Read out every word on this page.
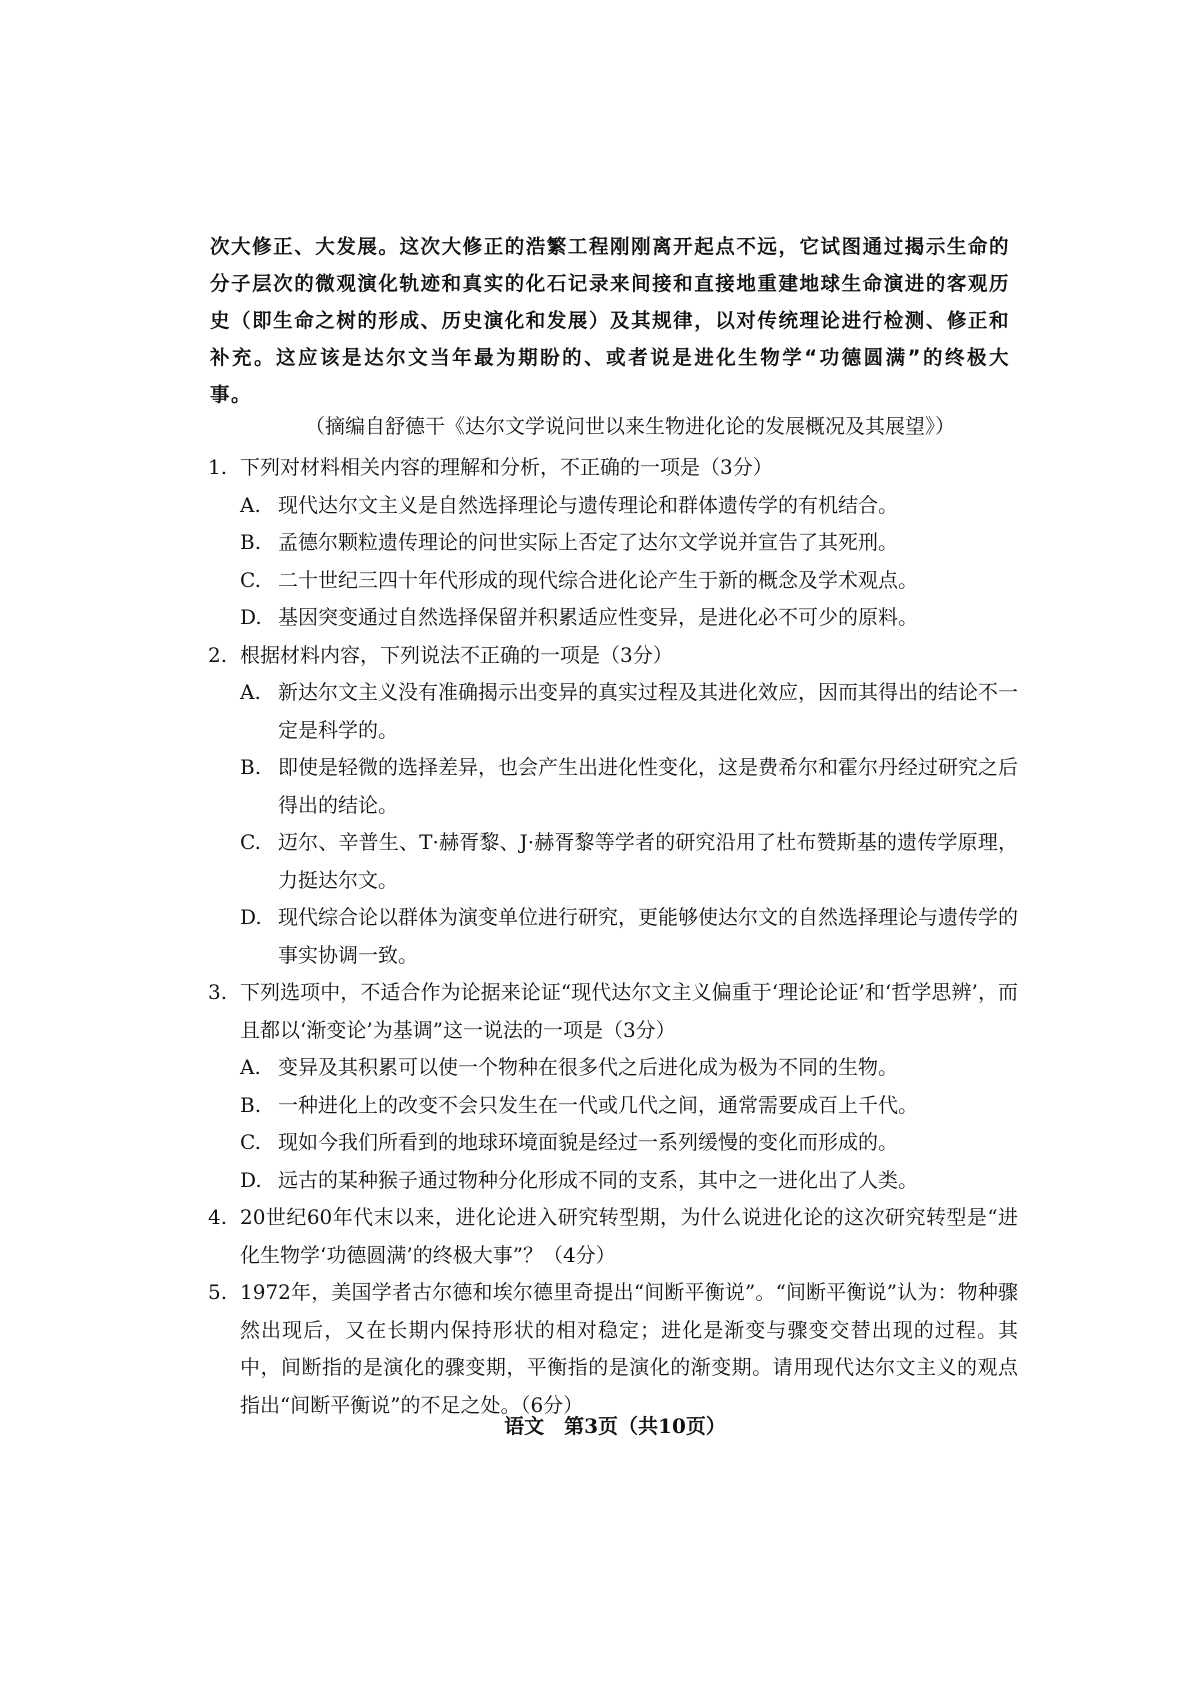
次大修正、大发展。这次大修正的浩繁工程刚刚离开起点不远，它试图通过揭示生命的分子层次的微观演化轨迹和真实的化石记录来间接和直接地重建地球生命演进的客观历史（即生命之树的形成、历史演化和发展）及其规律，以对传统理论进行检测、修正和补充。这应该是达尔文当年最为期盼的、或者说是进化生物学“功德圆满”的终极大事。

（摘编自舒德干《达尔文学说问世以来生物进化论的发展概况及其展望》）
1. 下列对材料相关内容的理解和分析，不正确的一项是（3分）
A. 现代达尔文主义是自然选择理论与遗传理论和群体遗传学的有机结合。
B. 孟德尔颗粒遗传理论的问世实际上否定了达尔文学说并宣告了其死刑。
C. 二十世纪三四十年代形成的现代综合进化论产生于新的概念及学术观点。
D. 基因突变通过自然选择保留并积累适应性变异，是进化必不可少的原料。
2. 根据材料内容，下列说法不正确的一项是（3分）
A. 新达尔文主义没有准确揭示出变异的真实过程及其进化效应，因而其得出的结论不一定是科学的。
B. 即使是轻微的选择差异，也会产生出进化性变化，这是费希尔和霍尔丹经过研究之后得出的结论。
C. 迈尔、辛普生、T·赫胥黎、J·赫胥黎等学者的研究沿用了杜布赞斯基的遗传学原理，力挺达尔文。
D. 现代综合论以群体为演变单位进行研究，更能够使达尔文的自然选择理论与遗传学的事实协调一致。
3. 下列选项中，不适合作为论据来论证“现代达尔文主义偏重于‘理论论证’和‘哲学思辨’，而且都以‘渐变论’为基调”这一说法的一项是（3分）
A. 变异及其积累可以使一个物种在很多代之后进化成为极为不同的生物。
B. 一种进化上的改变不会只发生在一代或几代之间，通常需要成百上千代。
C. 现如今我们所看到的地球环境面貌是经过一系列缓慢的变化而形成的。
D. 远古的某种猴子通过物种分化形成不同的支系，其中之一进化出了人类。
4. 20世纪60年代末以来，进化论进入研究转型期，为什么说进化论的这次研究转型是“进化生物学‘功德圆满’的终极大事”？（4分）
5. 1972年，美国学者古尔德和埃尔德里奇提出“间断平衡说”。“间断平衡说”认为：物种骤然出现后，又在长期内保持形状的相对稳定；进化是渐变与骤变交替出现的过程。其中，间断指的是演化的骤变期，平衡指的是演化的渐变期。请用现代达尔文主义的观点指出“间断平衡说”的不足之处。（6分）
语文　第3页（共10页）
